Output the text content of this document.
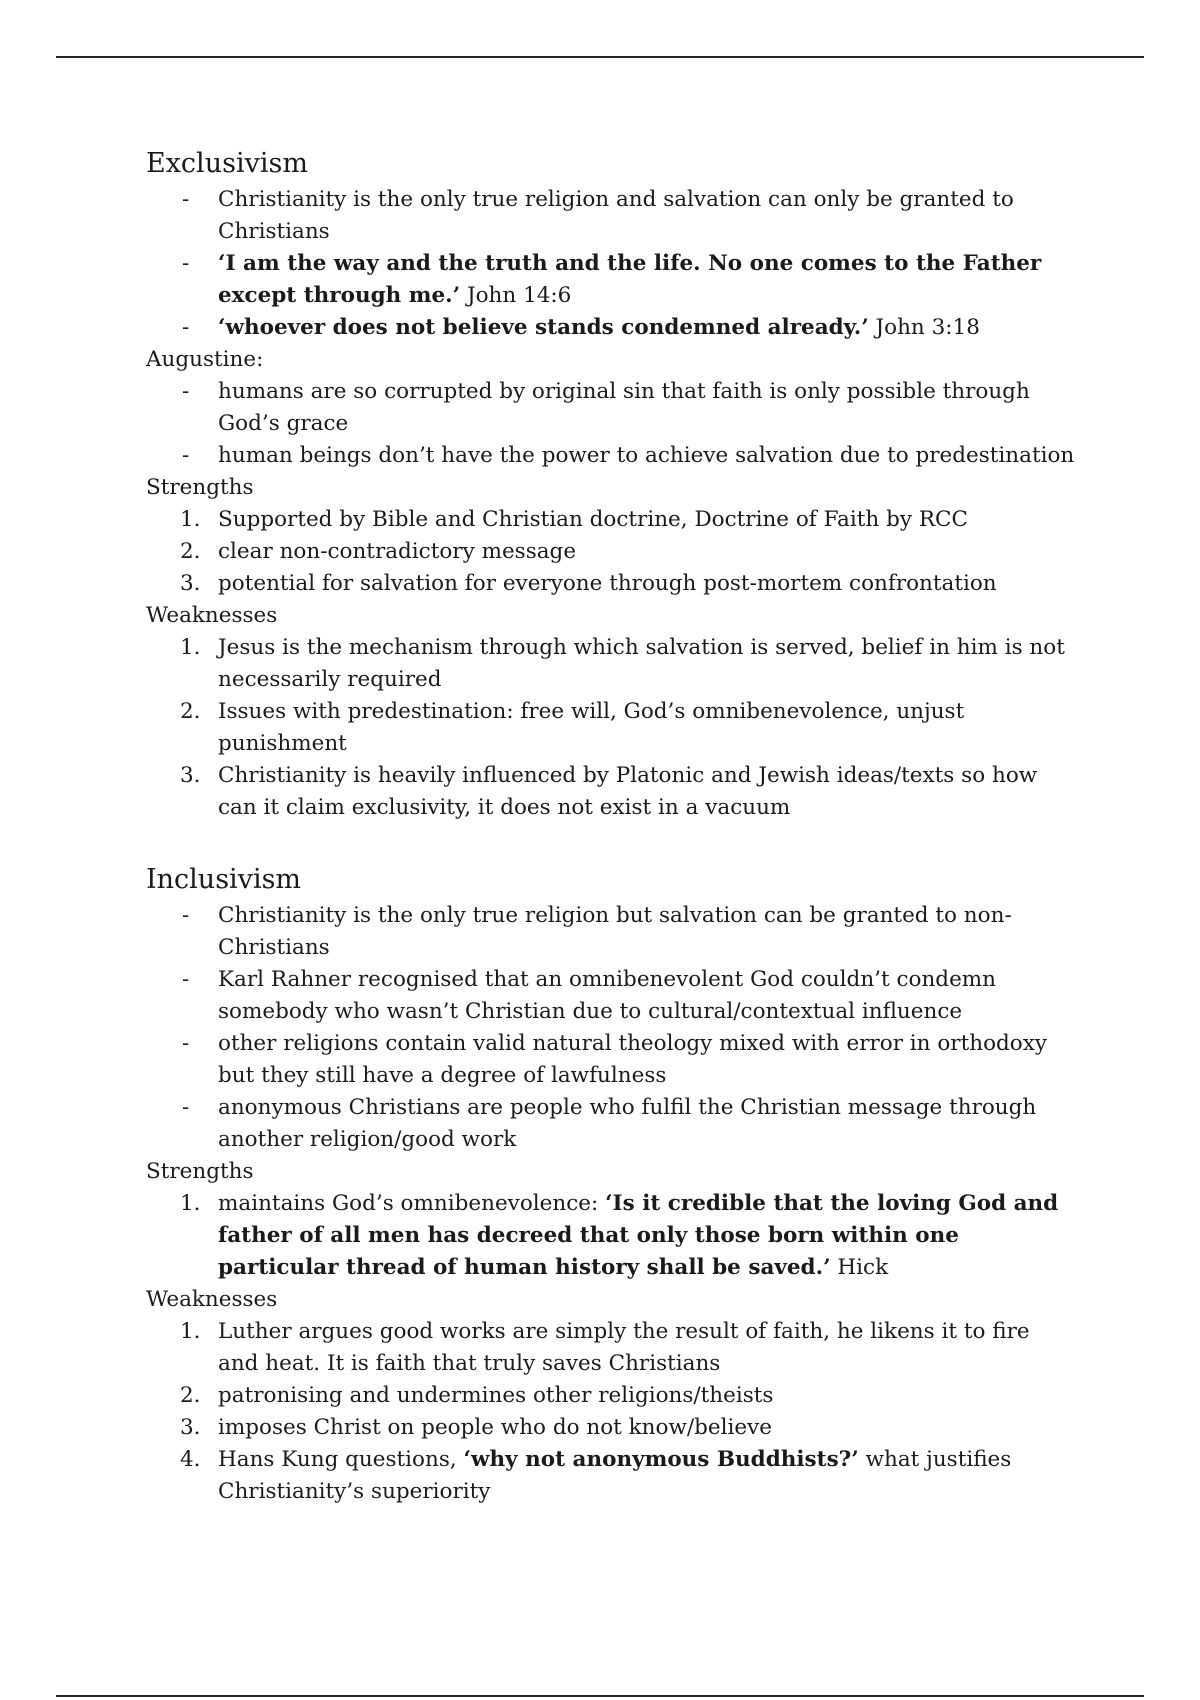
Exclusivism
- Christianity is the only true religion and salvation can only be granted to Christians
- ‘I am the way and the truth and the life. No one comes to the Father except through me.’ John 14:6
- ‘whoever does not believe stands condemned already.’ John 3:18

Augustine:

- humans are so corrupted by original sin that faith is only possible through God’s grace
- human beings don’t have the power to achieve salvation due to predestination

Strengths

1. Supported by Bible and Christian doctrine, Doctrine of Faith by RCC
2. clear non-contradictory message
3. potential for salvation for everyone through post-mortem confrontation

Weaknesses

1. Jesus is the mechanism through which salvation is served, belief in him is not necessarily required
2. Issues with predestination: free will, God’s omnibenevolence, unjust punishment
3. Christianity is heavily influenced by Platonic and Jewish ideas/texts so how can it claim exclusivity, it does not exist in a vacuum
Inclusivism
- Christianity is the only true religion but salvation can be granted to non-Christians
- Karl Rahner recognised that an omnibenevolent God couldn’t condemn somebody who wasn’t Christian due to cultural/contextual influence
- other religions contain valid natural theology mixed with error in orthodoxy but they still have a degree of lawfulness
- anonymous Christians are people who fulfil the Christian message through another religion/good work

Strengths

1. maintains God’s omnibenevolence: ‘Is it credible that the loving God and father of all men has decreed that only those born within one particular thread of human history shall be saved.’ Hick

Weaknesses

1. Luther argues good works are simply the result of faith, he likens it to fire and heat. It is faith that truly saves Christians
2. patronising and undermines other religions/theists
3. imposes Christ on people who do not know/believe
4. Hans Kung questions, ‘why not anonymous Buddhists?’ what justifies Christianity’s superiority
